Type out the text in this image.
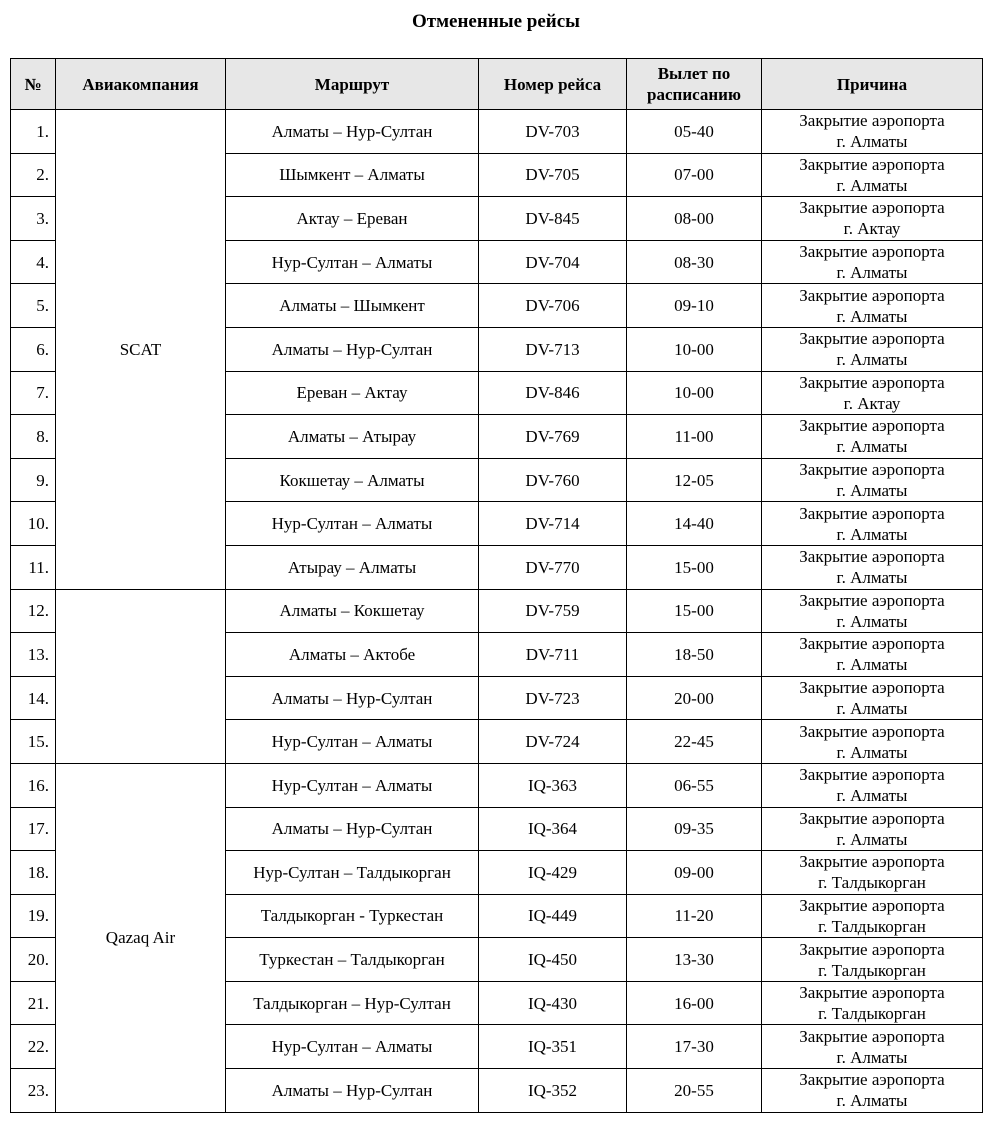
Отмененные рейсы
№	Авиакомпания	Маршрут	Номер рейса	Вылет по расписанию	Причина
1.	SCAT	Алматы – Нур-Султан	DV-703	05-40	Закрытие аэропорта
г. Алматы

2.		Шымкент – Алматы	DV-705	07-00	Закрытие аэропорта
г. Алматы

3.		Актау – Ереван	DV-845	08-00	Закрытие аэропорта
г. Актау

4.		Нур-Султан – Алматы	DV-704	08-30	Закрытие аэропорта
г. Алматы

5.		Алматы – Шымкент	DV-706	09-10	Закрытие аэропорта
г. Алматы

6.		Алматы – Нур-Султан	DV-713	10-00	Закрытие аэропорта
г. Алматы

7.		Ереван – Актау	DV-846	10-00	Закрытие аэропорта
г. Актау

8.		Алматы – Атырау	DV-769	11-00	Закрытие аэропорта
г. Алматы

9.		Кокшетау – Алматы	DV-760	12-05	Закрытие аэропорта
г. Алматы

10.		Нур-Султан – Алматы	DV-714	14-40	Закрытие аэропорта
г. Алматы

11.		Атырау – Алматы	DV-770	15-00	Закрытие аэропорта
г. Алматы

12.		Алматы – Кокшетау	DV-759	15-00	Закрытие аэропорта
г. Алматы

13.		Алматы – Актобе	DV-711	18-50	Закрытие аэропорта
г. Алматы

14.		Алматы – Нур-Султан	DV-723	20-00	Закрытие аэропорта
г. Алматы

15.		Нур-Султан – Алматы	DV-724	22-45	Закрытие аэропорта
г. Алматы

16.	Qazaq Air	Нур-Султан – Алматы	IQ-363	06-55	Закрытие аэропорта
г. Алматы

17.		Алматы – Нур-Султан	IQ-364	09-35	Закрытие аэропорта
г. Алматы

18.		Нур-Султан – Талдыкорган	IQ-429	09-00	Закрытие аэропорта
г. Талдыкорган

19.		Талдыкорган - Туркестан	IQ-449	11-20	Закрытие аэропорта
г. Талдыкорган

20.		Туркестан – Талдыкорган	IQ-450	13-30	Закрытие аэропорта
г. Талдыкорган

21.		Талдыкорган – Нур-Султан	IQ-430	16-00	Закрытие аэропорта
г. Талдыкорган

22.		Нур-Султан – Алматы	IQ-351	17-30	Закрытие аэропорта
г. Алматы

23.		Алматы – Нур-Султан	IQ-352	20-55	Закрытие аэропорта
г. Алматы
